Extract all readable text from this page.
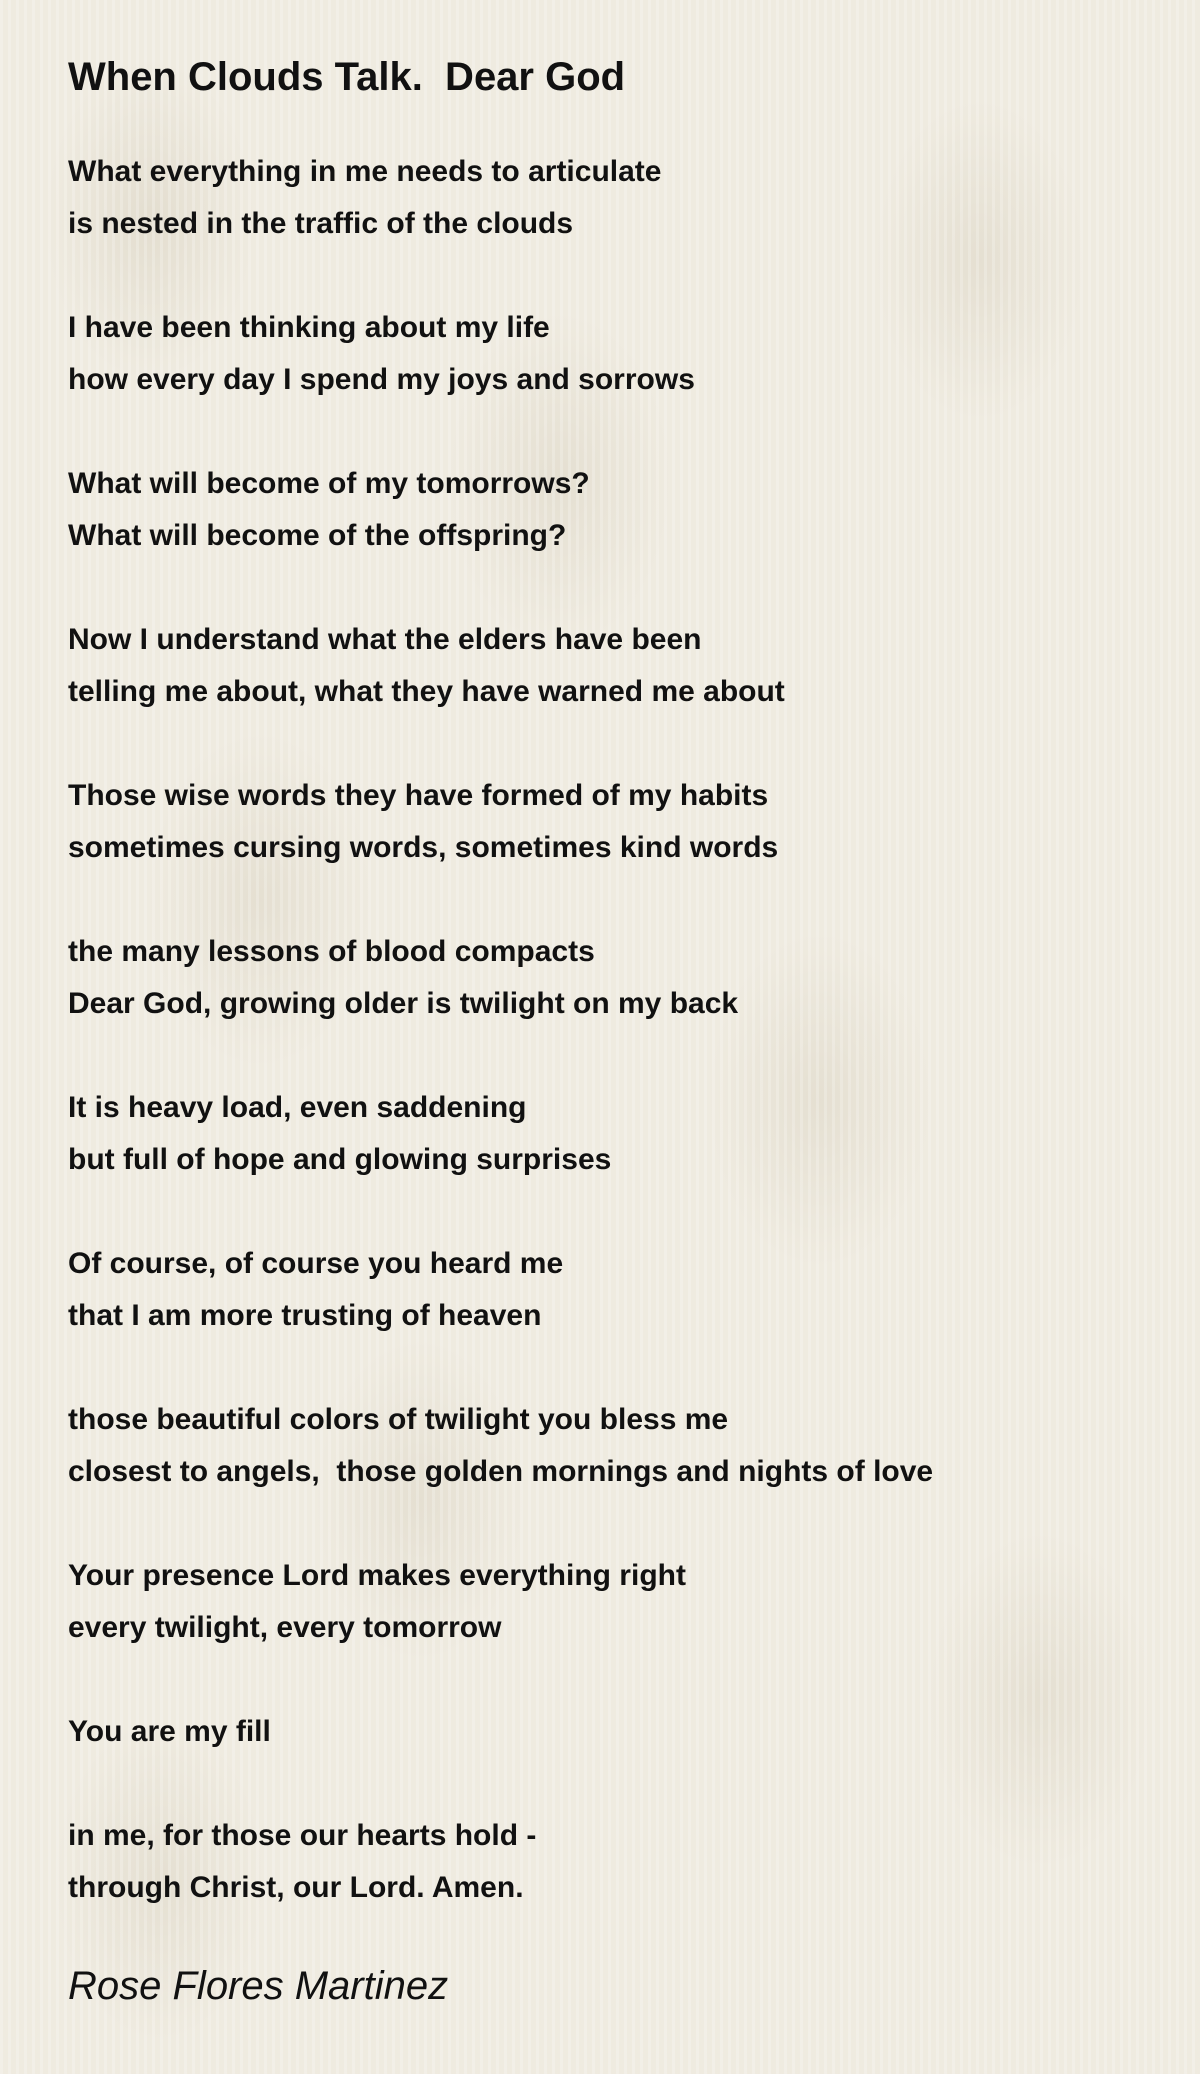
When Clouds Talk.  Dear God
What everything in me needs to articulate
is nested in the traffic of the clouds
I have been thinking about my life
how every day I spend my joys and sorrows
What will become of my tomorrows?
What will become of the offspring?
Now I understand what the elders have been
telling me about, what they have warned me about
Those wise words they have formed of my habits
sometimes cursing words, sometimes kind words
the many lessons of blood compacts
Dear God, growing older is twilight on my back
It is heavy load, even saddening
but full of hope and glowing surprises
Of course, of course you heard me
that I am more trusting of heaven
those beautiful colors of twilight you bless me
closest to angels,  those golden mornings and nights of love
Your presence Lord makes everything right
every twilight, every tomorrow
You are my fill
in me, for those our hearts hold -
through Christ, our Lord. Amen.
Rose Flores Martinez
